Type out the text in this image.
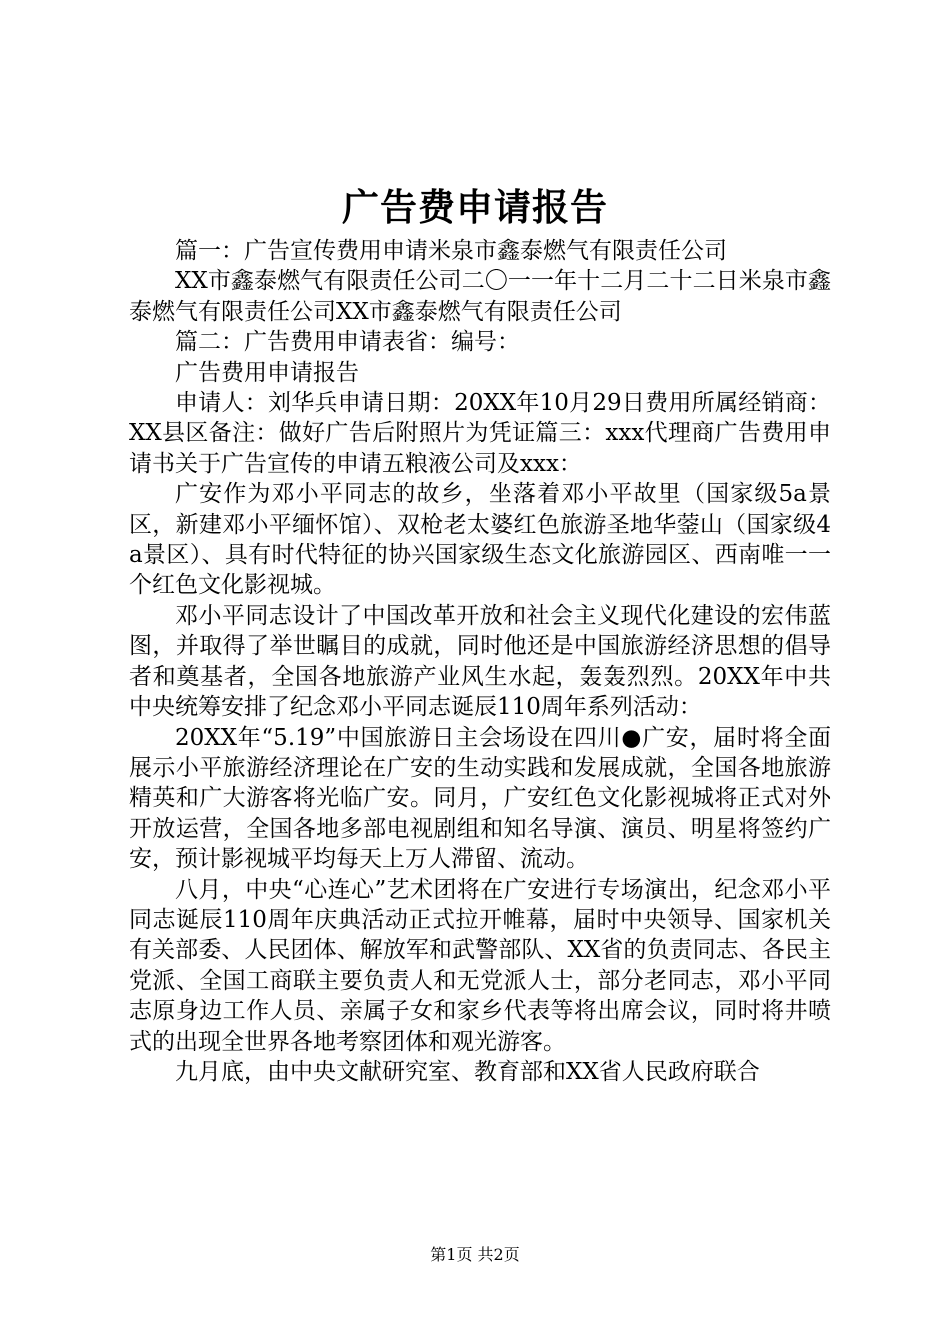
广告费申请报告

篇一：广告宣传费用申请米泉市鑫泰燃气有限责任公司

XX市鑫泰燃气有限责任公司二〇一一年十二月二十二日米泉市鑫泰燃气有限责任公司XX市鑫泰燃气有限责任公司

篇二：广告费用申请表省：编号：

广告费用申请报告

申请人：刘华兵申请日期：20XX年10月29日费用所属经销商：XX县区备注：做好广告后附照片为凭证篇三：xxx代理商广告费用申请书关于广告宣传的申请五粮液公司及xxx：

广安作为邓小平同志的故乡，坐落着邓小平故里（国家级5a景区，新建邓小平缅怀馆）、双枪老太婆红色旅游圣地华蓥山（国家级4a景区）、具有时代特征的协兴国家级生态文化旅游园区、西南唯一一个红色文化影视城。

邓小平同志设计了中国改革开放和社会主义现代化建设的宏伟蓝图，并取得了举世瞩目的成就，同时他还是中国旅游经济思想的倡导者和奠基者，全国各地旅游产业风生水起，轰轰烈烈。20XX年中共中央统筹安排了纪念邓小平同志诞辰110周年系列活动：

20XX年“5.19”中国旅游日主会场设在四川●广安，届时将全面展示小平旅游经济理论在广安的生动实践和发展成就，全国各地旅游精英和广大游客将光临广安。同月，广安红色文化影视城将正式对外开放运营，全国各地多部电视剧组和知名导演、演员、明星将签约广安，预计影视城平均每天上万人滞留、流动。

八月，中央“心连心”艺术团将在广安进行专场演出，纪念邓小平同志诞辰110周年庆典活动正式拉开帷幕，届时中央领导、国家机关有关部委、人民团体、解放军和武警部队、XX省的负责同志、各民主党派、全国工商联主要负责人和无党派人士，部分老同志，邓小平同志原身边工作人员、亲属子女和家乡代表等将出席会议，同时将井喷式的出现全世界各地考察团体和观光游客。

九月底，由中央文献研究室、教育部和XX省人民政府联合

第1页 共2页
